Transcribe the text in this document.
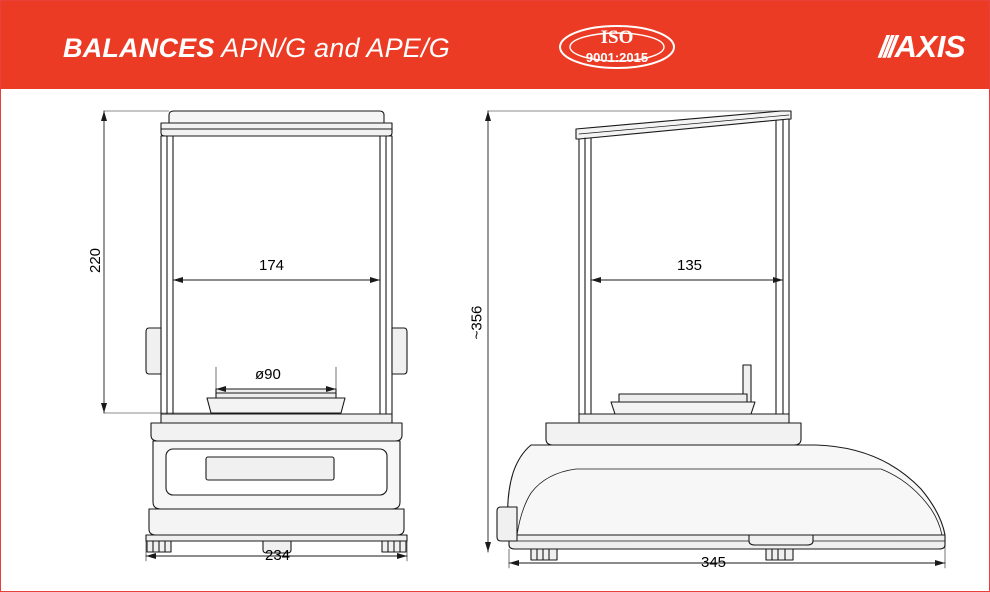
BALANCES APN/G and APE/G	ISO
9001:2015	///AXIS
220	174
ø90
234
~356
135
345
